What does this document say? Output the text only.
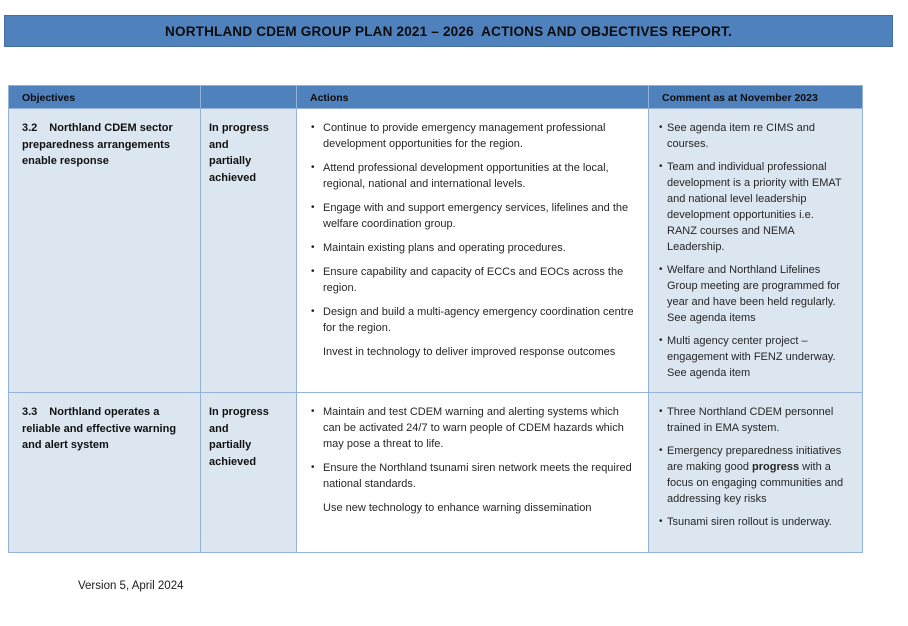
NORTHLAND CDEM GROUP PLAN 2021 – 2026  ACTIONS AND OBJECTIVES REPORT.
Objectives		Actions	Comment as at November 2023

3.2 Northland CDEM sector preparedness arrangements enable response

In progress
and
partially
achieved

• Continue to provide emergency management professional development opportunities for the region.
• Attend professional development opportunities at the local, regional, national and international levels.
• Engage with and support emergency services, lifelines and the welfare coordination group.
• Maintain existing plans and operating procedures.
• Ensure capability and capacity of ECCs and EOCs across the region.
• Design and build a multi-agency emergency coordination centre for the region.
Invest in technology to deliver improved response outcomes

• See agenda item re CIMS and courses.
• Team and individual professional development is a priority with EMAT and national level leadership development opportunities i.e. RANZ courses and NEMA Leadership.
• Welfare and Northland Lifelines Group meeting are programmed for year and have been held regularly.  See agenda items
• Multi agency center project – engagement with FENZ underway. See agenda item

3.3 Northland operates a reliable and effective warning and alert system

In progress
and
partially
achieved

• Maintain and test CDEM warning and alerting systems which can be activated 24/7 to warn people of CDEM hazards which may pose a threat to life.
• Ensure the Northland tsunami siren network meets the required national standards.
Use new technology to enhance warning dissemination

• Three Northland CDEM personnel trained in EMA system.
• Emergency preparedness initiatives are making good progress with a focus on engaging communities and addressing key risks
• Tsunami siren rollout is underway.
Version 5, April 2024
